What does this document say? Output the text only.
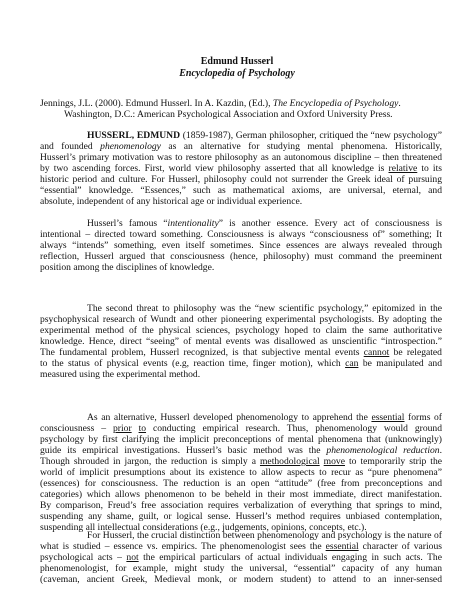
Edmund Husserl
Encyclopedia of Psychology
Jennings, J.L. (2000). Edmund Husserl. In A. Kazdin, (Ed.), The Encyclopedia of Psychology.
Washington, D.C.: American Psychological Association and Oxford University Press.
HUSSERL, EDMUND (1859-1987), German philosopher, critiqued the “new psychology”
and founded phenomenology as an alternative for studying mental phenomena. Historically,
Husserl’s primary motivation was to restore philosophy as an autonomous discipline – then threatened
by two ascending forces. First, world view philosophy asserted that all knowledge is relative to its
historic period and culture. For Husserl, philosophy could not surrender the Greek ideal of pursuing
“essential” knowledge. “Essences,” such as mathematical axioms, are universal, eternal, and
absolute, independent of any historical age or individual experience.
Husserl’s famous “intentionality” is another essence. Every act of consciousness is
intentional – directed toward something. Consciousness is always “consciousness of” something; It
always “intends” something, even itself sometimes. Since essences are always revealed through
reflection, Husserl argued that consciousness (hence, philosophy) must command the preeminent
position among the disciplines of knowledge.
The second threat to philosophy was the “new scientific psychology,” epitomized in the
psychophysical research of Wundt and other pioneering experimental psychologists. By adopting the
experimental method of the physical sciences, psychology hoped to claim the same authoritative
knowledge. Hence, direct “seeing” of mental events was disallowed as unscientific “introspection.”
The fundamental problem, Husserl recognized, is that subjective mental events cannot be relegated
to the status of physical events (e.g, reaction time, finger motion), which can be manipulated and
measured using the experimental method.
As an alternative, Husserl developed phenomenology to apprehend the essential forms of
consciousness – prior to conducting empirical research. Thus, phenomenology would ground
psychology by first clarifying the implicit preconceptions of mental phenomena that (unknowingly)
guide its empirical investigations. Husserl’s basic method was the phenomenological reduction.
Though shrouded in jargon, the reduction is simply a methodological move to temporarily strip the
world of implicit presumptions about its existence to allow aspects to recur as “pure phenomena”
(essences) for consciousness. The reduction is an open “attitude” (free from preconceptions and
categories) which allows phenomenon to be beheld in their most immediate, direct manifestation.
By comparison, Freud’s free association requires verbalization of everything that springs to mind,
suspending any shame, guilt, or logical sense. Husserl’s method requires unbiased contemplation,
suspending all intellectual considerations (e.g., judgements, opinions, concepts, etc.).
For Husserl, the crucial distinction between phenomenology and psychology is the nature of
what is studied – essence vs. empirics. The phenomenologist sees the essential character of various
psychological acts – not the empirical particulars of actual individuals engaging in such acts. The
phenomenologist, for example, might study the universal, “essential” capacity of any human
(caveman, ancient Greek, Medieval monk, or modern student) to attend to an inner-sensed
